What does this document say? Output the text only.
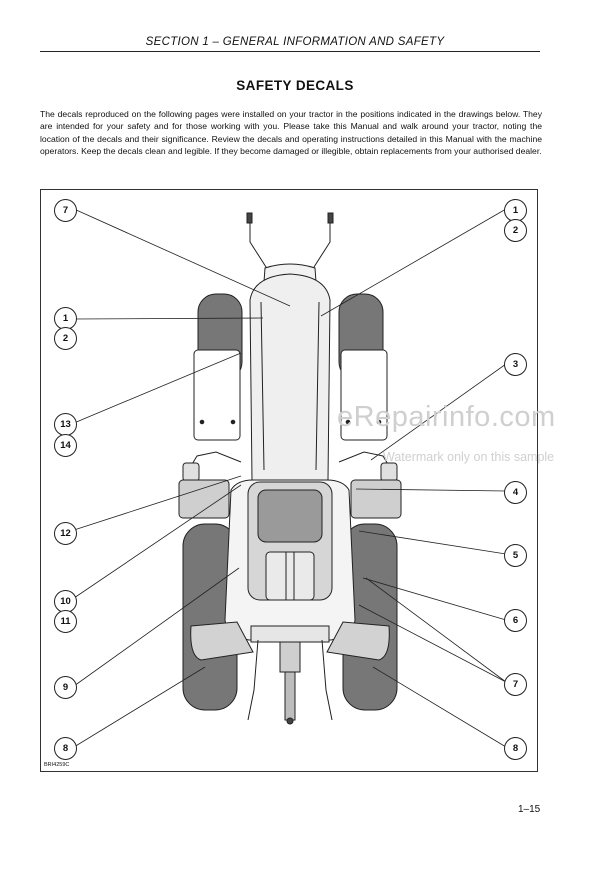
SECTION 1 – GENERAL INFORMATION AND SAFETY
SAFETY DECALS
The decals reproduced on the following pages were installed on your tractor in the positions indicated in the drawings below. They are intended for your safety and for those working with you. Please take this Manual and walk around your tractor, noting the location of the decals and their significance. Review the decals and operating instructions detailed in this Manual with the machine operators. Keep the decals clean and legible. If they become damaged or illegible, obtain replacements from your authorised dealer.
7	1
2
1
2
3
13
14
4
12
5
10
11	6
9	7
8	8
BRI4259C
eRepairinfo.com
Watermark only on this sample
1–15
